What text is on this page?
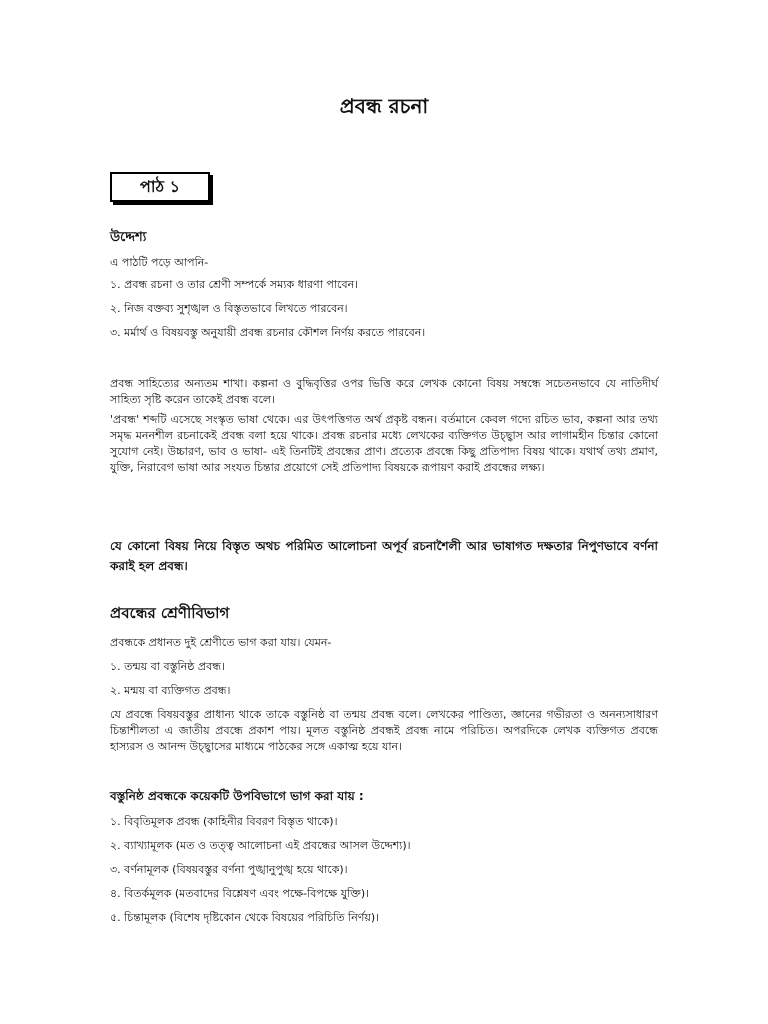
প্রবন্ধ রচনা
পাঠ ১
উদ্দেশ্য
এ পাঠটি পড়ে আপনি-
১. প্রবন্ধ রচনা ও তার শ্রেণী সম্পর্কে সম্যক ধারণা পাবেন।
২. নিজ বক্তব্য সুশৃঙ্খল ও বিস্তৃতভাবে লিখতে পারবেন।
৩. মর্মার্থ ও বিষয়বস্তু অনুযায়ী প্রবন্ধ রচনার কৌশল নির্ণয় করতে পারবেন।
প্রবন্ধ সাহিত্যের অন্যতম শাখা। কল্পনা ও বুদ্ধিবৃত্তির ওপর ভিত্তি করে লেখক কোনো বিষয় সম্বন্ধে সচেতনভাবে যে নাতিদীর্ঘ সাহিত্য সৃষ্টি করেন তাকেই প্রবন্ধ বলে।
'প্রবন্ধ' শব্দটি এসেছে সংস্কৃত ভাষা থেকে। এর উৎপত্তিগত অর্থ প্রকৃষ্ট বন্ধন। বর্তমানে কেবল গদ্যে রচিত ভাব, কল্পনা আর তথ্য সমৃদ্ধ মননশীল রচনাকেই প্রবন্ধ বলা হয়ে থাকে। প্রবন্ধ রচনার মধ্যে লেখকের ব্যক্তিগত উচ্ছ্বাস আর লাগামহীন চিন্তার কোনো সুযোগ নেই। উচ্চারণ, ভাব ও ভাষা- এই তিনটিই প্রবন্ধের প্রাণ। প্রত্যেক প্রবন্ধে কিছু প্রতিপাদ্য বিষয় থাকে। যথার্থ তথ্য প্রমাণ, যুক্তি, নিরাবেগ ভাষা আর সংযত চিন্তার প্রয়োগে সেই প্রতিপাদ্য বিষয়কে রূপায়ণ করাই প্রবন্ধের লক্ষ্য।
যে কোনো বিষয় নিয়ে বিস্তৃত অথচ পরিমিত আলোচনা অপূর্ব রচনাশৈলী আর ভাষাগত দক্ষতার নিপুণভাবে বর্ণনা করাই হল প্রবন্ধ।
প্রবন্ধের শ্রেণীবিভাগ
প্রবন্ধকে প্রধানত দুই শ্রেণীতে ভাগ করা যায়। যেমন-
১. তন্ময় বা বস্তুনিষ্ঠ প্রবন্ধ।
২. মন্ময় বা ব্যক্তিগত প্রবন্ধ।
যে প্রবন্ধে বিষয়বস্তুর প্রাধান্য থাকে তাকে বস্তুনিষ্ঠ বা তন্ময় প্রবন্ধ বলে। লেখকের পাণ্ডিত্য, জ্ঞানের গভীরতা ও অনন্যসাধারণ চিন্তাশীলতা এ জাতীয় প্রবন্ধে প্রকাশ পায়। মূলত বস্তুনিষ্ঠ প্রবন্ধই প্রবন্ধ নামে পরিচিত। অপরদিকে লেখক ব্যক্তিগত প্রবন্ধে হাস্যরস ও আনন্দ উচ্ছ্বাসের মাধ্যমে পাঠকের সঙ্গে একাত্ম হয়ে যান।
বস্তুনিষ্ঠ প্রবন্ধকে কয়েকটি উপবিভাগে ভাগ করা যায় :
১. বিবৃতিমূলক প্রবন্ধ (কাহিনীর বিবরণ বিস্তৃত থাকে)।
২. ব্যাখ্যামূলক (মত ও তত্ত্ব আলোচনা এই প্রবন্ধের আসল উদ্দেশ্য)।
৩. বর্ণনামূলক (বিষয়বস্তুর বর্ণনা পুঙ্খানুপুঙ্খ হয়ে থাকে)।
৪. বিতর্কমূলক (মতবাদের বিশ্লেষণ এবং পক্ষে-বিপক্ষে যুক্তি)।
৫. চিন্তামূলক (বিশেষ দৃষ্টিকোন থেকে বিষয়ের পরিচিতি নির্ণয়)।
